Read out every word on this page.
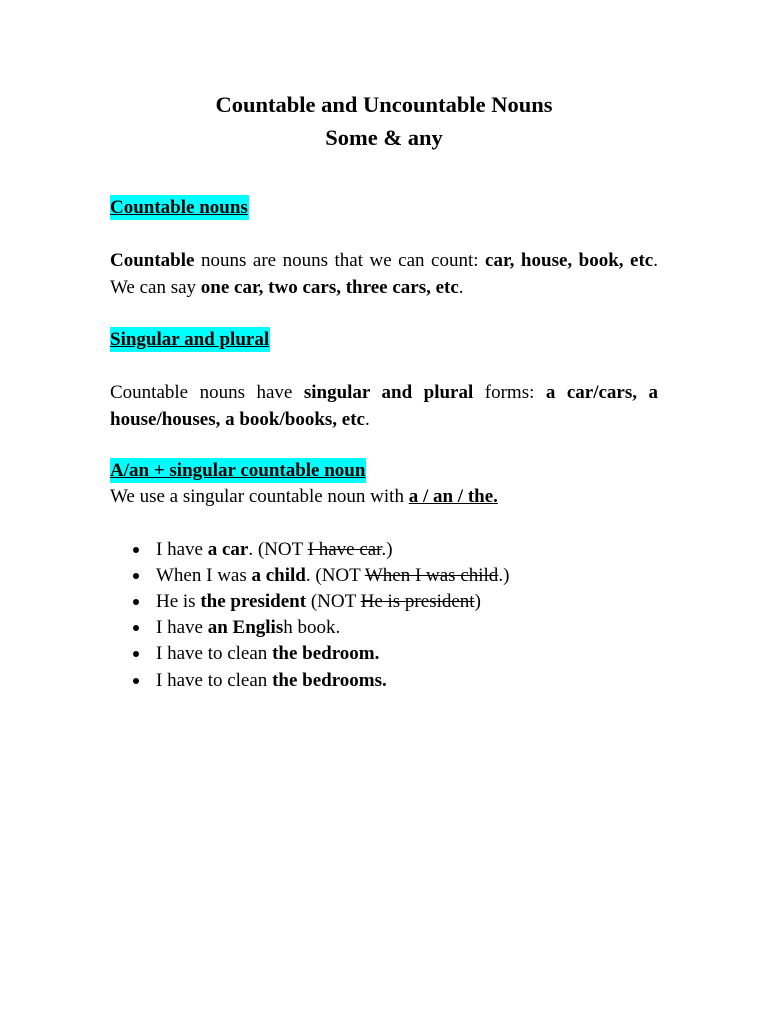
Countable and Uncountable Nouns
Some & any
Countable nouns

Countable nouns are nouns that we can count: car, house, book, etc. We can say one car, two cars, three cars, etc.

Singular and plural

Countable nouns have singular and plural forms: a car/cars, a house/houses, a book/books, etc.

A/an + singular countable noun

We use a singular countable noun with a / an / the.

I have a car. (NOT I have car.)
When I was a child. (NOT When I was child.)
He is the president (NOT He is president)
I have an English book.
I have to clean the bedroom.
I have to clean the bedrooms.
